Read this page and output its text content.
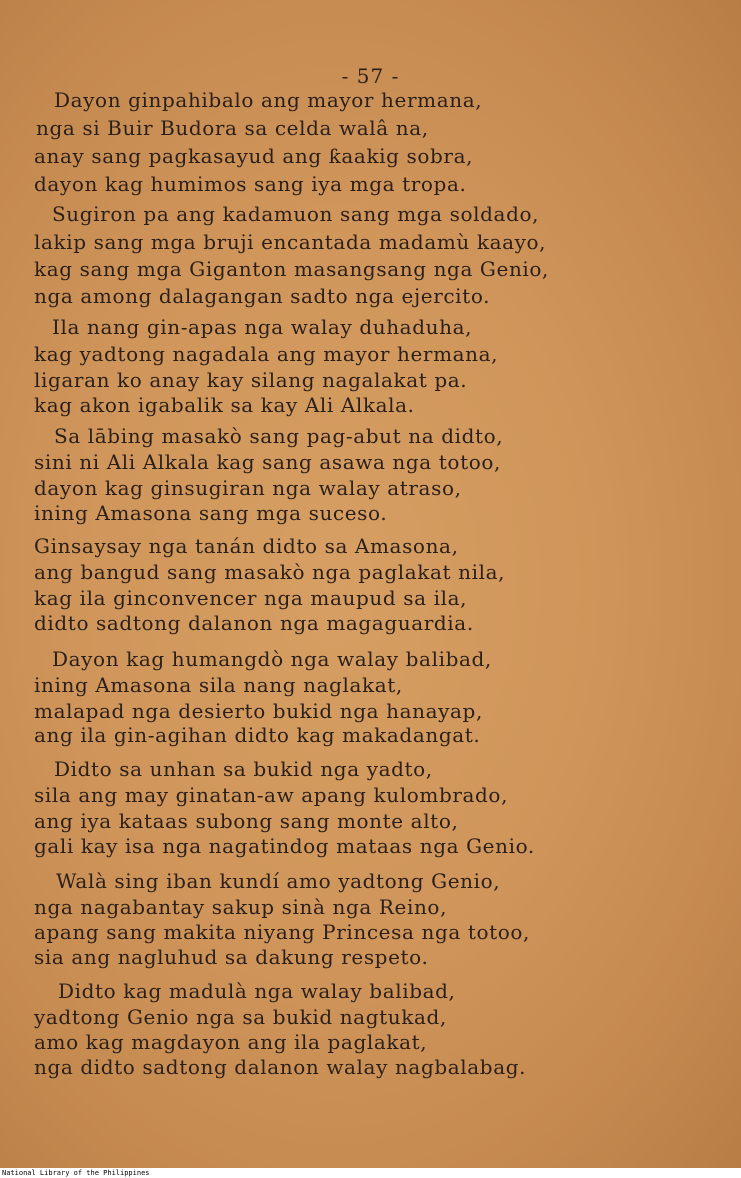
- 57 -
Dayon ginpahibalo ang mayor hermana,
nga si Buir Budora sa celda walâ na,
anay sang pagkasayud ang ƙaakig sobra,
dayon kag humimos sang iya mga tropa.
Sugiron pa ang kadamuon sang mga soldado,
lakip sang mga bruji encantada madamù kaayo,
kag sang mga Giganton masangsang nga Genio,
nga among dalagangan sadto nga ejercito.
Ila nang gin-apas nga walay duhaduha,
kag yadtong nagadala ang mayor hermana,
ligaran ko anay kay silang nagalakat pa.
kag akon igabalik sa kay Ali Alkala.
Sa lābing masakò sang pag-abut na didto,
sini ni Ali Alkala kag sang asawa nga totoo,
dayon kag ginsugiran nga walay atraso,
ining Amasona sang mga suceso.
Ginsaysay nga tanán didto sa Amasona,
ang bangud sang masakò nga paglakat nila,
kag ila ginconvencer nga maupud sa ila,
didto sadtong dalanon nga magaguardia.
Dayon kag humangdò nga walay balibad,
ining Amasona sila nang naglakat,
malapad nga desierto bukid nga hanayap,
ang ila gin-agihan didto kag makadangat.
Didto sa unhan sa bukid nga yadto,
sila ang may ginatan-aw apang kulombrado,
ang iya kataas subong sang monte alto,
gali kay isa nga nagatindog mataas nga Genio.
Walà sing iban kundí amo yadtong Genio,
nga nagabantay sakup sinà nga Reino,
apang sang makita niyang Princesa nga totoo,
sia ang nagluhud sa dakung respeto.
Didto kag madulà nga walay balibad,
yadtong Genio nga sa bukid nagtukad,
amo kag magdayon ang ila paglakat,
nga didto sadtong dalanon walay nagbalabag.
National Library of the Philippines
